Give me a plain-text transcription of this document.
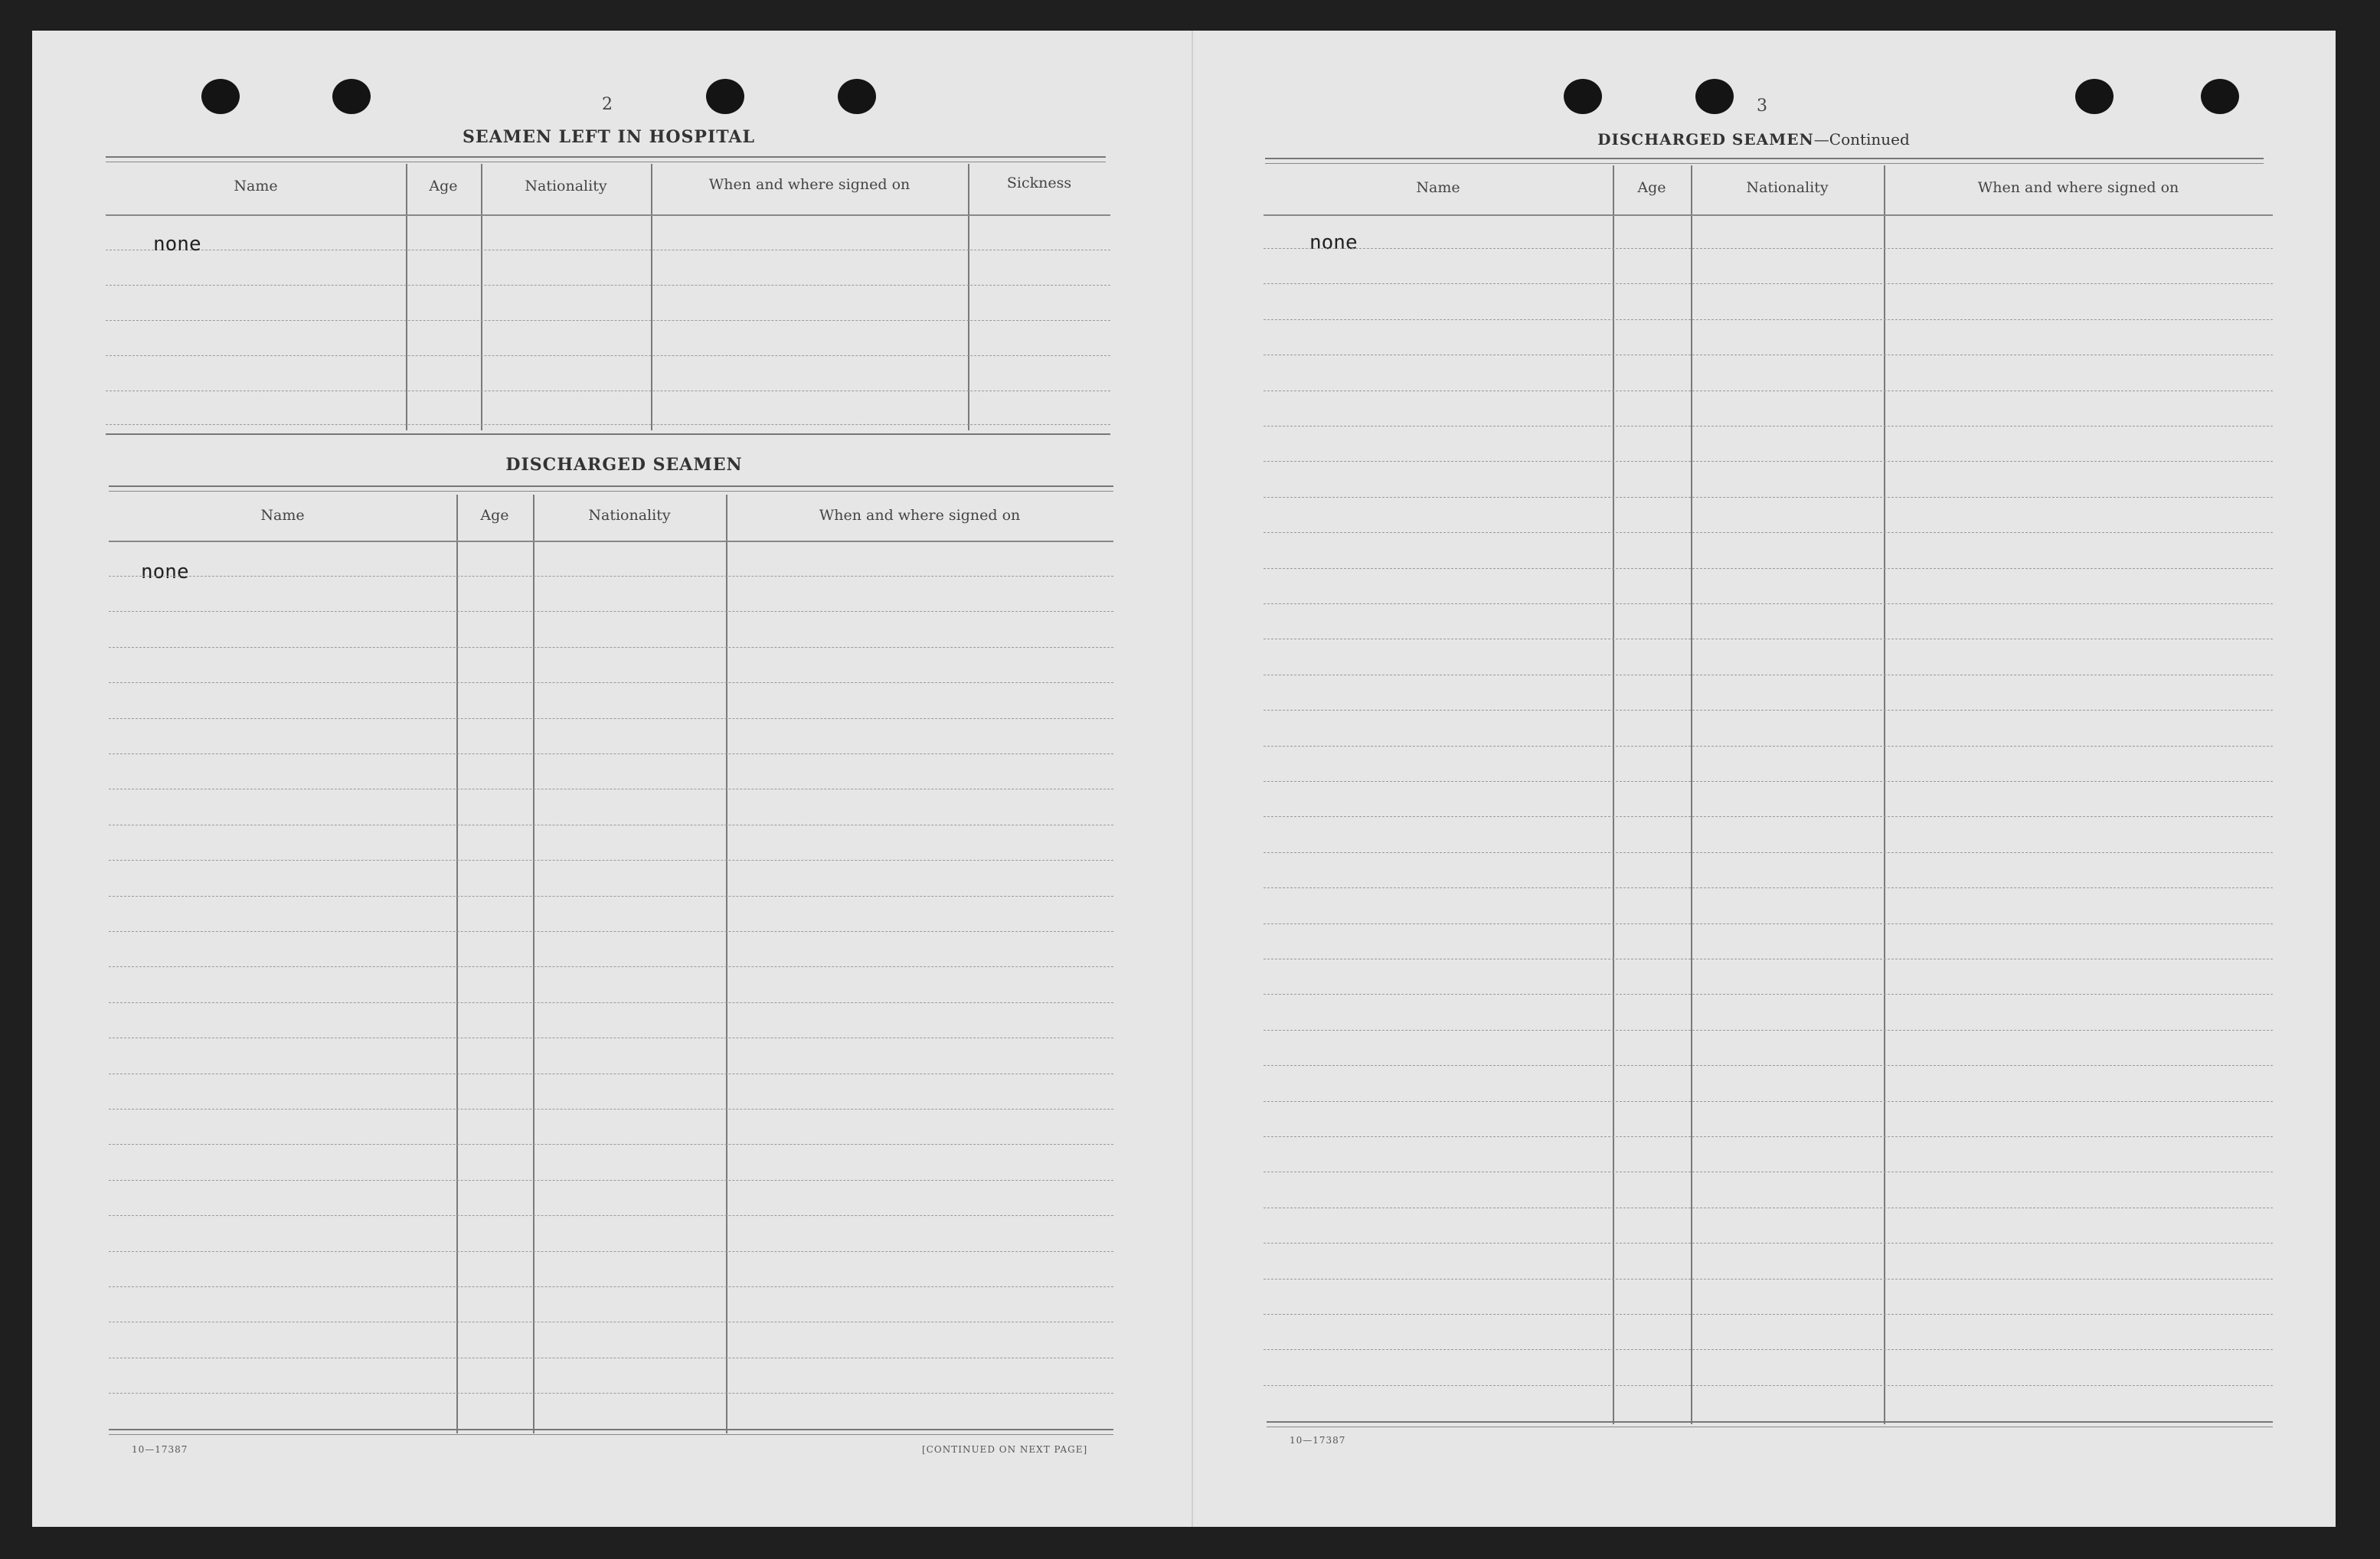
2
SEAMEN LEFT IN HOSPITAL
Name	Age	Nationality	When and where signed on	Sickness
none
DISCHARGED SEAMEN
Name	Age	Nationality	When and where signed on
none
10—17387	[CONTINUED ON NEXT PAGE]
3
DISCHARGED SEAMEN—Continued
Name	Age	Nationality	When and where signed on
none
10—17387
